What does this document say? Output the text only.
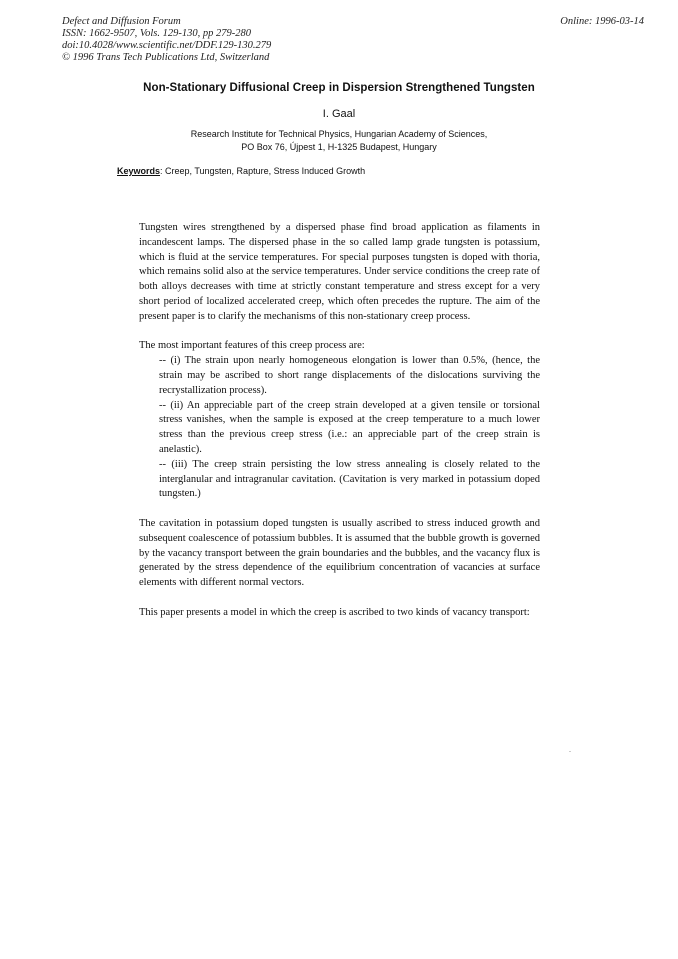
Defect and Diffusion Forum
ISSN: 1662-9507, Vols. 129-130, pp 279-280
doi:10.4028/www.scientific.net/DDF.129-130.279
© 1996 Trans Tech Publications Ltd, Switzerland
Online: 1996-03-14
Non-Stationary Diffusional Creep in Dispersion Strengthened Tungsten
I. Gaal
Research Institute for Technical Physics, Hungarian Academy of Sciences,
PO Box 76, Újpest 1, H-1325 Budapest, Hungary
Keywords: Creep, Tungsten, Rapture, Stress Induced Growth

Tungsten wires strengthened by a dispersed phase find broad application as filaments in incandescent lamps. The dispersed phase in the so called lamp grade tungsten is potassium, which is fluid at the service temperatures. For special purposes tungsten is doped with thoria, which remains solid also at the service temperatures. Under service conditions the creep rate of both alloys decreases with time at strictly constant temperature and stress except for a very short period of localized accelerated creep, which often precedes the rupture. The aim of the present paper is to clarify the mechanisms of this non-stationary creep process.

The most important features of this creep process are:
-- (i) The strain upon nearly homogeneous elongation is lower than 0.5%, (hence, the strain may be ascribed to short range displacements of the dislocations surviving the recrystallization process).
-- (ii) An appreciable part of the creep strain developed at a given tensile or torsional stress vanishes, when the sample is exposed at the creep temperature to a much lower stress than the previous creep stress (i.e.: an appreciable part of the creep strain is anelastic).
-- (iii) The creep strain persisting the low stress annealing is closely related to the interglanular and intragranular cavitation. (Cavitation is very marked in potassium doped tungsten.)

The cavitation in potassium doped tungsten is usually ascribed to stress induced growth and subsequent coalescence of potassium bubbles. It is assumed that the bubble growth is governed by the vacancy transport between the grain boundaries and the bubbles, and the vacancy flux is generated by the stress dependence of the equilibrium concentration of vacancies at surface elements with different normal vectors.

This paper presents a model in which the creep is ascribed to two kinds of vacancy transport:
